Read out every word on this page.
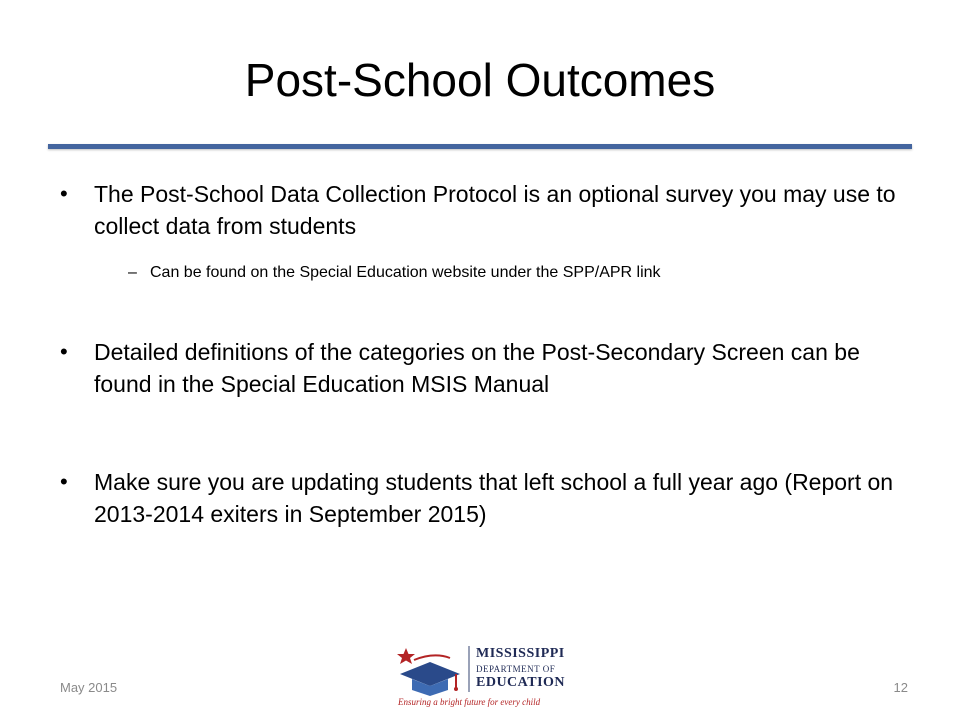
Post-School Outcomes
• The Post-School Data Collection Protocol is an optional survey you may use to collect data from students
– Can be found on the Special Education website under the SPP/APR link
• Detailed definitions of the categories on the Post-Secondary Screen can be found in the Special Education MSIS Manual
• Make sure you are updating students that left school a full year ago (Report on 2013-2014 exiters in September 2015)
May 2015	12
MISSISSIPPI
DEPARTMENT OF
EDUCATION
Ensuring a bright future for every child
